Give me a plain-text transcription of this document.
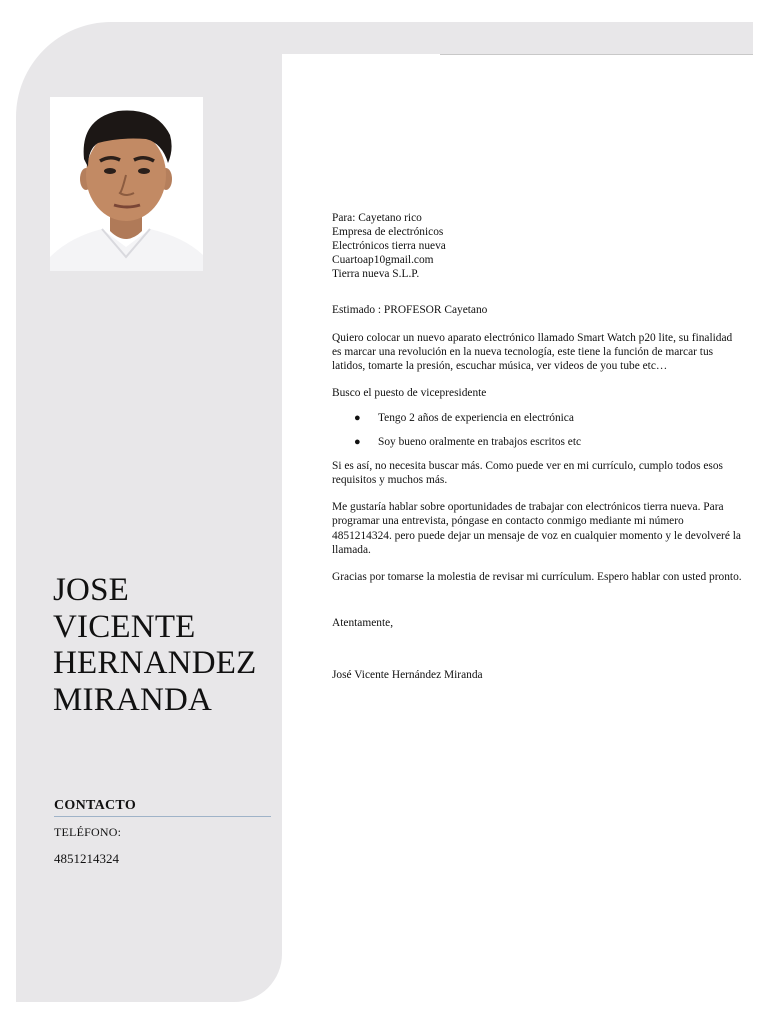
JOSE
VICENTE
HERNANDEZ
MIRANDA
CONTACTO
TELÉFONO:
4851214324

Para: Cayetano rico

Empresa de electrónicos

Electrónicos tierra nueva

Cuartoap10gmail.com

Tierra nueva S.L.P.

Estimado : PROFESOR Cayetano

Quiero colocar un nuevo aparato electrónico llamado Smart Watch p20 lite, su finalidad es marcar una revolución en la nueva tecnología, este tiene la función de marcar tus latidos, tomarte la presión, escuchar música, ver videos de you tube etc…

Busco el puesto de vicepresidente

● Tengo 2 años de experiencia en electrónica
● Soy bueno oralmente en trabajos escritos etc

Si es así, no necesita buscar más. Como puede ver en mi currículo, cumplo todos esos requisitos y muchos más.

Me gustaría hablar sobre oportunidades de trabajar con electrónicos tierra nueva. Para programar una entrevista, póngase en contacto conmigo mediante mi número 4851214324. pero puede dejar un mensaje de voz en cualquier momento y le devolveré la llamada.

Gracias por tomarse la molestia de revisar mi currículum. Espero hablar con usted pronto.

Atentamente,

José Vicente Hernández Miranda
